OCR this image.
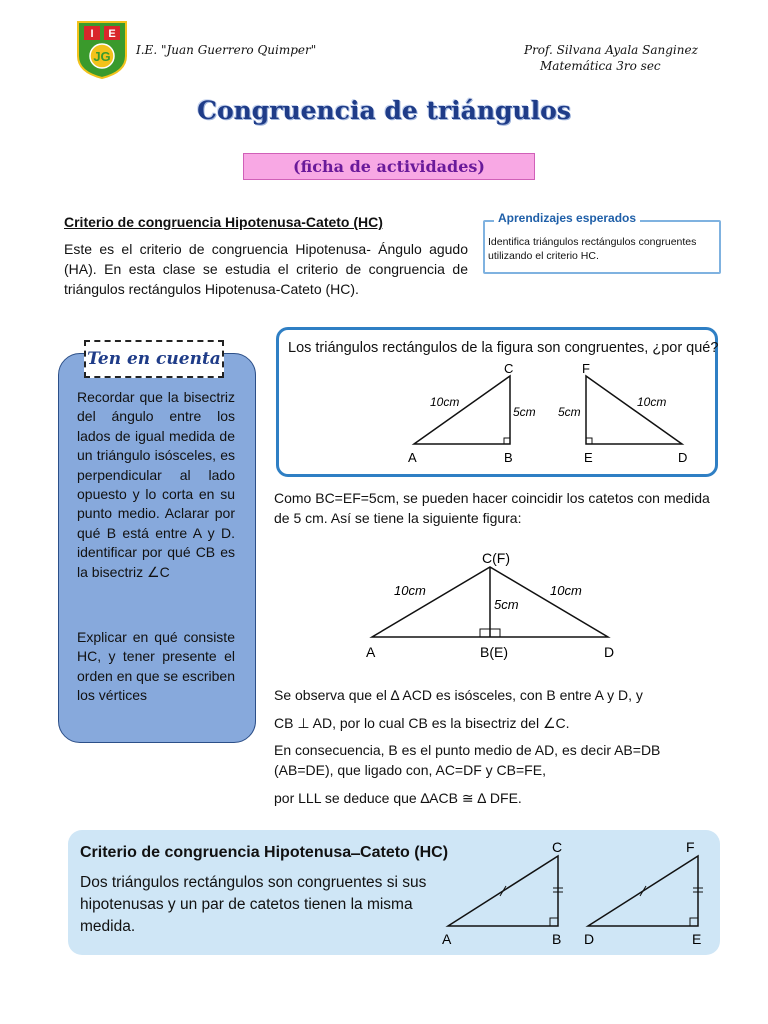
I E
JG I.E. "Juan Guerrero Quimper"	Prof. Silvana Ayala Sanginez
Matemática 3ro sec
Congruencia de triángulos
(ficha de actividades)
Criterio de congruencia Hipotenusa-Cateto (HC)
Este es el criterio de congruencia Hipotenusa- Ángulo agudo (HA). En esta clase se estudia el criterio de congruencia de triángulos rectángulos Hipotenusa-Cateto (HC).
Aprendizajes esperados
Identifica triángulos rectángulos congruentes utilizando el criterio HC.
Ten en cuenta
Recordar que la bisectriz del ángulo entre los lados de igual medida de un triángulo isósceles, es perpendicular al lado opuesto y lo corta en su punto medio. Aclarar por qué B está entre A y D. identificar por qué CB es la bisectriz ∠C
Explicar en qué consiste HC, y tener presente el orden en que se escriben los vértices
Los triángulos rectángulos de la figura son congruentes, ¿por qué?
A	B
C
E
F
D
10cm
5cm 5cm
10cm
Como BC=EF=5cm, se pueden hacer coincidir los catetos con medida de 5 cm. Así se tiene la siguiente figura:
C(F)
B(E)
A	D
10cm	10cm
5cm
Se observa que el ∆ ACD es isósceles, con B entre A y D, y
CB ⊥ AD, por lo cual CB es la bisectriz del ∠C.
En consecuencia, B es el punto medio de AD, es decir AB=DB (AB=DE), que ligado con, AC=DF y CB=FE,
por LLL se deduce que ∆ACB ≅ ∆ DFE.
Criterio de congruencia Hipotenusa ̶ Cateto (HC)
Dos triángulos rectángulos son congruentes si sus hipotenusas y un par de catetos tienen la misma medida.
A	B
C
D	E
F
